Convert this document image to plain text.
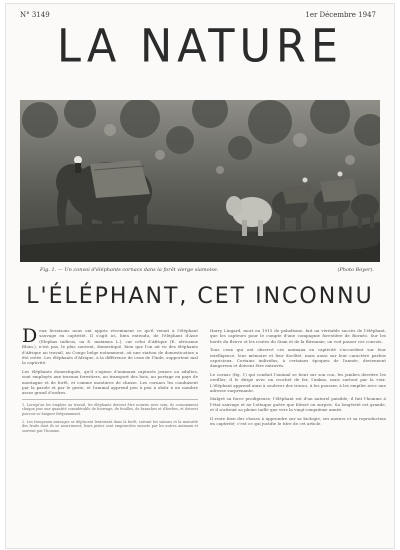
N° 3149	1er Décembre 1947
LA NATURE
Fig. 1. — Un convoi d'éléphants cornacs dans la forêt vierge siamoise.	(Photo Boyer).
L'ÉLÉPHANT, CET INCONNU

Deux livraisons nous ont appris récemment ce qu'il venait à l'éléphant sauvage en captivité. Il s'agit ici, bien entendu, de l'éléphant d'Asie (Elephas indicus, ou E. maximus L.), car celui d'Afrique (E. africanus Blum.), n'est pas, le plus souvent, domestiqué, bien que l'on ait vu des éléphants d'Afrique au travail, au Congo belge notamment, où une station de domestication a été créée. Les éléphants d'Afrique, à la différence de ceux de l'Inde, supportent mal la captivité.

Les éléphants domestiqués, qu'il s'agisse d'animaux capturés jeunes ou adultes, sont employés aux travaux forestiers, au transport des bois, au portage en pays de montagne et de forêt, et comme montures de chasse. Les cornacs les conduisent par la parole et par le geste, et l'animal apprend peu à peu à obéir à un nombre assez grand d'ordres.

1. Lorsqu'on les emploie au travail, les éléphants doivent être nourris avec soin; ils consomment chaque jour une quantité considérable de fourrage, de feuilles, de branches et d'herbes, et doivent pouvoir se baigner fréquemment.

2. Les troupeaux sauvages se déplacent lentement dans la forêt, suivant les saisons et la maturité des fruits dont ils se nourrissent; leurs pistes sont empruntées ensuite par les autres animaux et souvent par l'homme.

Harry Lingard, mort en 1915 de paludisme, fait un véritable succès de l'éléphant, que les capteurs pour le compte d'une compagnie forestière de Bornéo. Sur les bords du fleuve et les routes du Siam et de la Birmanie, on voit passer ces convois.

Tous ceux qui ont observé ces animaux en captivité s'accordent sur leur intelligence, leur mémoire et leur docilité, mais aussi sur leur caractère parfois capricieux. Certains individus, à certaines époques de l'année, deviennent dangereux et doivent être entravés.

Le cornac (fig. 1) qui conduit l'animal se tient sur son cou, les jambes derrière les oreilles; il le dirige avec un crochet de fer, l'ankus, mais surtout par la voix. L'éléphant apprend ainsi à soulever des troncs, à les pousser, à les empiler avec une adresse surprenante.

Malgré sa force prodigieuse, l'éléphant est d'un naturel paisible; il fuit l'homme à l'état sauvage et ne l'attaque guère que blessé ou surpris. Sa longévité est grande, et il n'atteint sa pleine taille que vers la vingt-cinquième année.

Il reste bien des choses à apprendre sur sa biologie, ses mœurs et sa reproduction en captivité; c'est ce qui justifie le titre de cet article.
